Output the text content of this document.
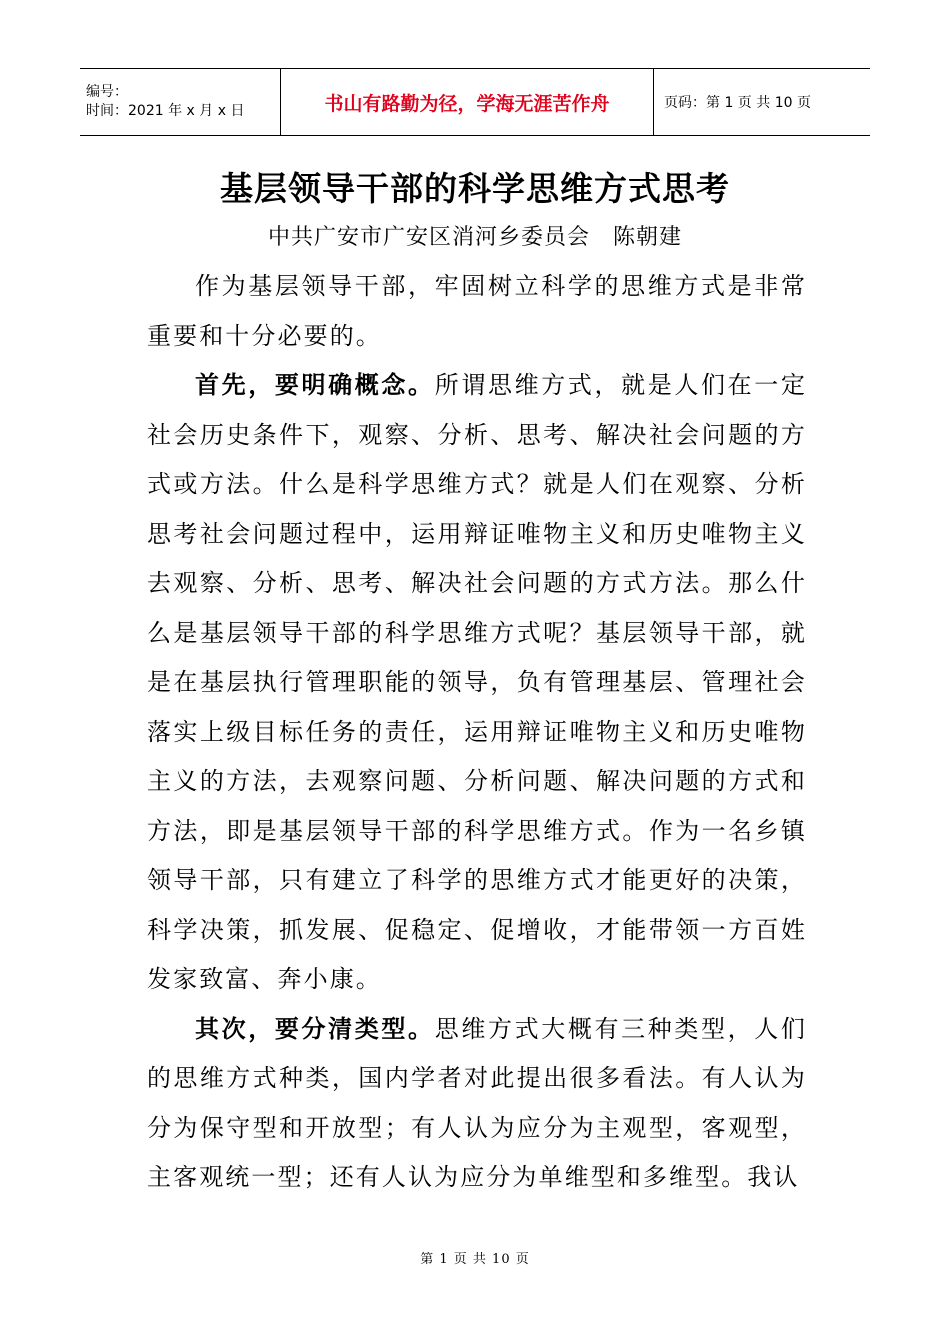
编号：
时间：2021 年 x 月 x 日	书山有路勤为径，学海无涯苦作舟	页码：第 1 页 共 10 页
基层领导干部的科学思维方式思考
中共广安市广安区消河乡委员会　陈朝建

作为基层领导干部，牢固树立科学的思维方式是非常重要和十分必要的。

首先，要明确概念。所谓思维方式，就是人们在一定社会历史条件下，观察、分析、思考、解决社会问题的方式或方法。什么是科学思维方式？就是人们在观察、分析思考社会问题过程中，运用辩证唯物主义和历史唯物主义去观察、分析、思考、解决社会问题的方式方法。那么什么是基层领导干部的科学思维方式呢？基层领导干部，就是在基层执行管理职能的领导，负有管理基层、管理社会落实上级目标任务的责任，运用辩证唯物主义和历史唯物主义的方法，去观察问题、分析问题、解决问题的方式和方法，即是基层领导干部的科学思维方式。作为一名乡镇领导干部，只有建立了科学的思维方式才能更好的决策，科学决策，抓发展、促稳定、促增收，才能带领一方百姓发家致富、奔小康。

其次，要分清类型。思维方式大概有三种类型，人们的思维方式种类，国内学者对此提出很多看法。有人认为分为保守型和开放型；有人认为应分为主观型，客观型，主客观统一型；还有人认为应分为单维型和多维型。我认

第 1 页 共 10 页
